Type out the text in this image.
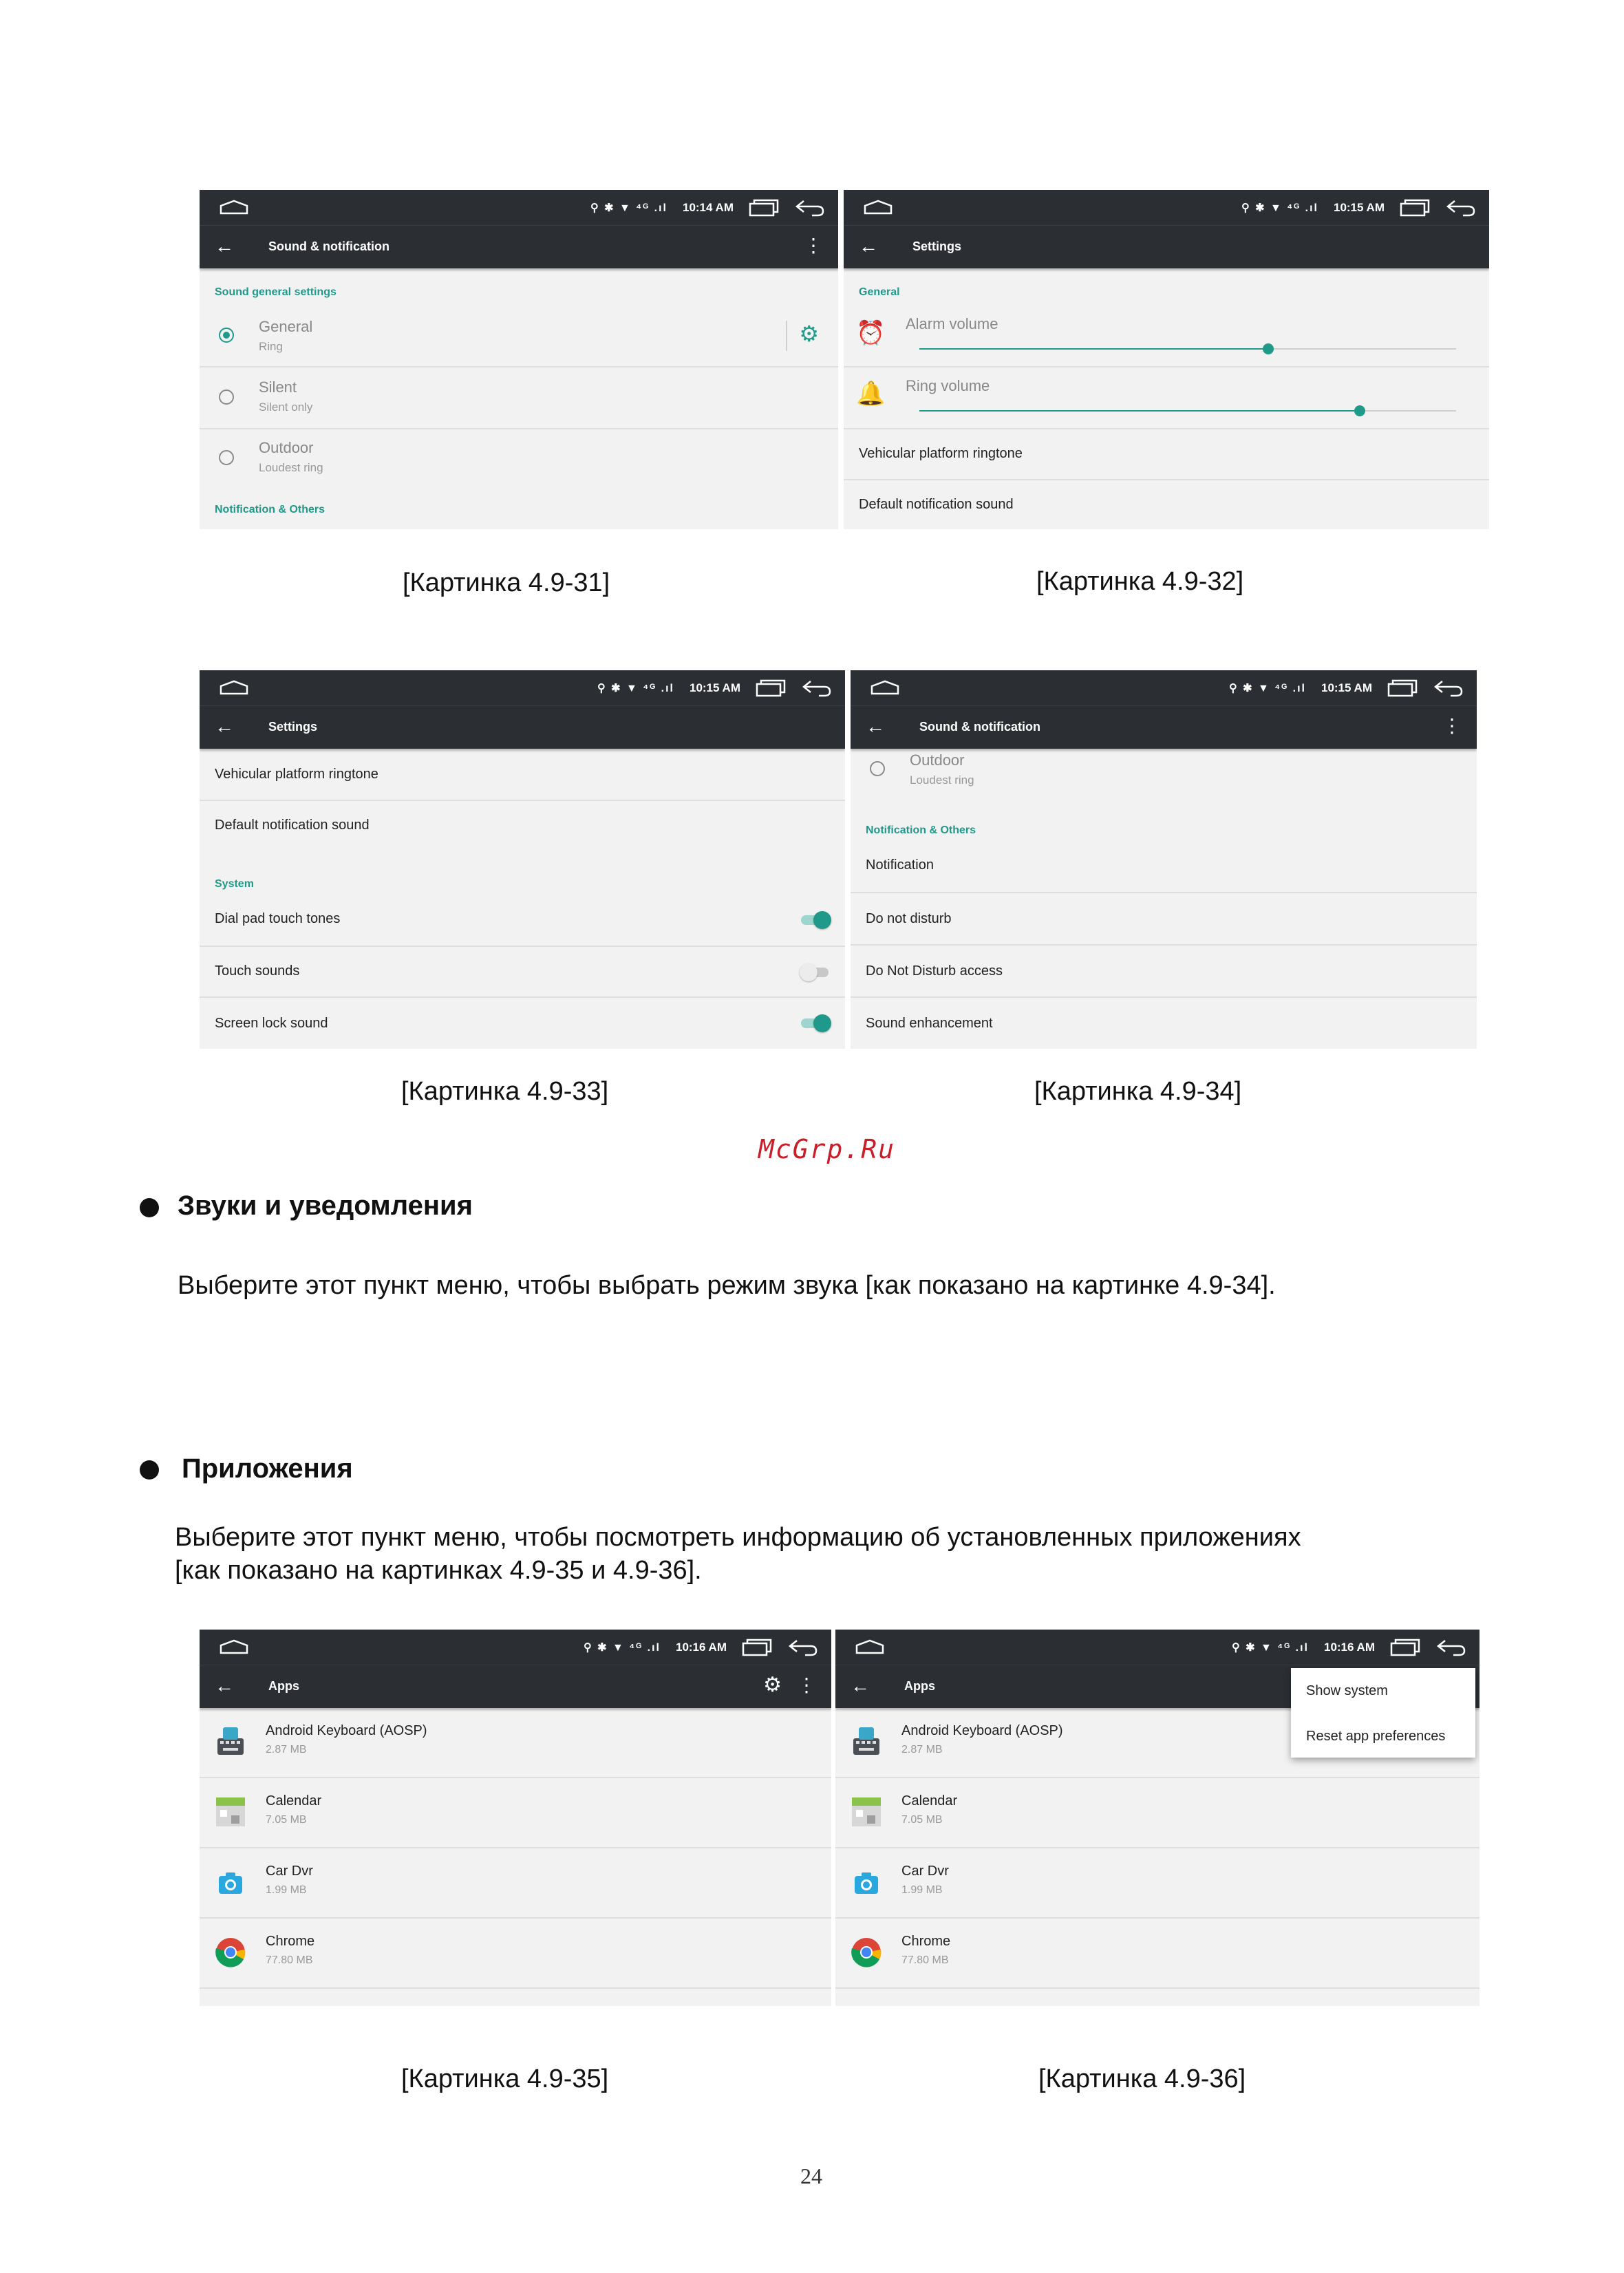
⚲ ✱ ▼ ⁴ᴳ .ıl 10:14 AM
←	Sound & notification	⋮
Sound general settings
General
Ring
⚙
Silent
Silent only
Outdoor
Loudest ring
Notification & Others
⚲ ✱ ▼ ⁴ᴳ .ıl 10:15 AM
←	Settings
General
⏰ Alarm volume
🔔 Ring volume
Vehicular platform ringtone
Default notification sound
[Картинка 4.9-31]	[Картинка 4.9-32]
⚲ ✱ ▼ ⁴ᴳ .ıl 10:15 AM
←	Settings
Vehicular platform ringtone
Default notification sound
System
Dial pad touch tones
Touch sounds
Screen lock sound
⚲ ✱ ▼ ⁴ᴳ .ıl 10:15 AM
←	Sound & notification	⋮
Outdoor
Loudest ring
Notification & Others
Notification
Do not disturb
Do Not Disturb access
Sound enhancement
[Картинка 4.9-33]	[Картинка 4.9-34]
McGrp.Ru
Звуки и уведомления
Выберите этот пункт меню, чтобы выбрать режим звука [как показано на картинке 4.9-34].
Приложения
Выберите этот пункт меню, чтобы посмотреть информацию об установленных приложениях
[как показано на картинках 4.9-35 и 4.9-36].
⚲ ✱ ▼ ⁴ᴳ .ıl 10:16 AM
←	Apps	⚙ ⋮
Android Keyboard (AOSP)
2.87 MB
Calendar
7.05 MB
Car Dvr
1.99 MB
Chrome
77.80 MB
⚲ ✱ ▼ ⁴ᴳ .ıl 10:16 AM
←	Apps
Android Keyboard (AOSP)
2.87 MB
Calendar
7.05 MB
Car Dvr
1.99 MB
Chrome
77.80 MB
Show system
Reset app preferences
[Картинка 4.9-35]	[Картинка 4.9-36]
24
